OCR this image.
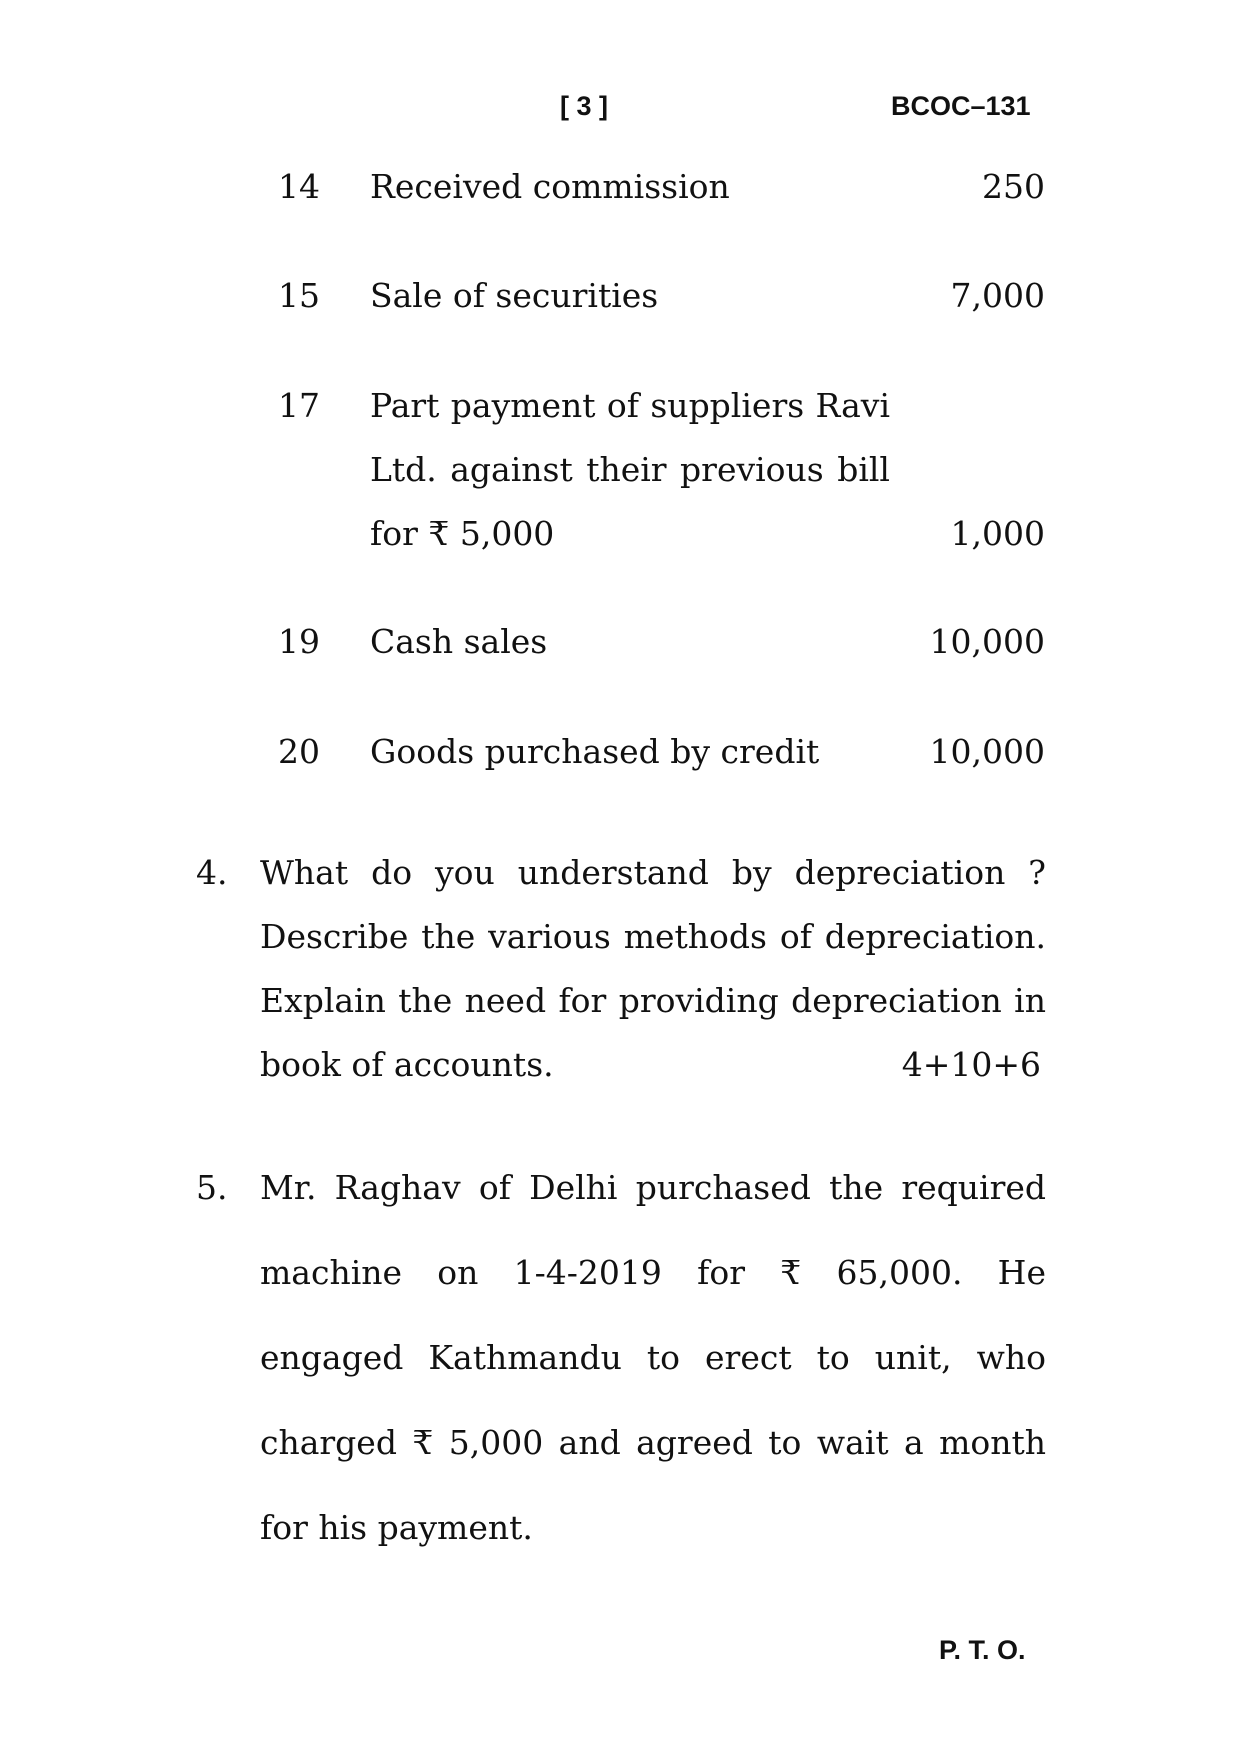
[ 3 ]	BCOC–131
14 Received commission	250
15 Sale of securities	7,000
17 Part payment of suppliers Ravi Ltd. against their previous bill for ₹ 5,000	1,000
19 Cash sales	10,000
20 Goods purchased by credit	10,000
4. What do you understand by depreciation ? Describe the various methods of depreciation. Explain the need for providing depreciation in book of accounts.	4+10+6
5. Mr. Raghav of Delhi purchased the required machine on 1-4-2019 for ₹ 65,000. He engaged Kathmandu to erect to unit, who charged ₹ 5,000 and agreed to wait a month for his payment.
P. T. O.
